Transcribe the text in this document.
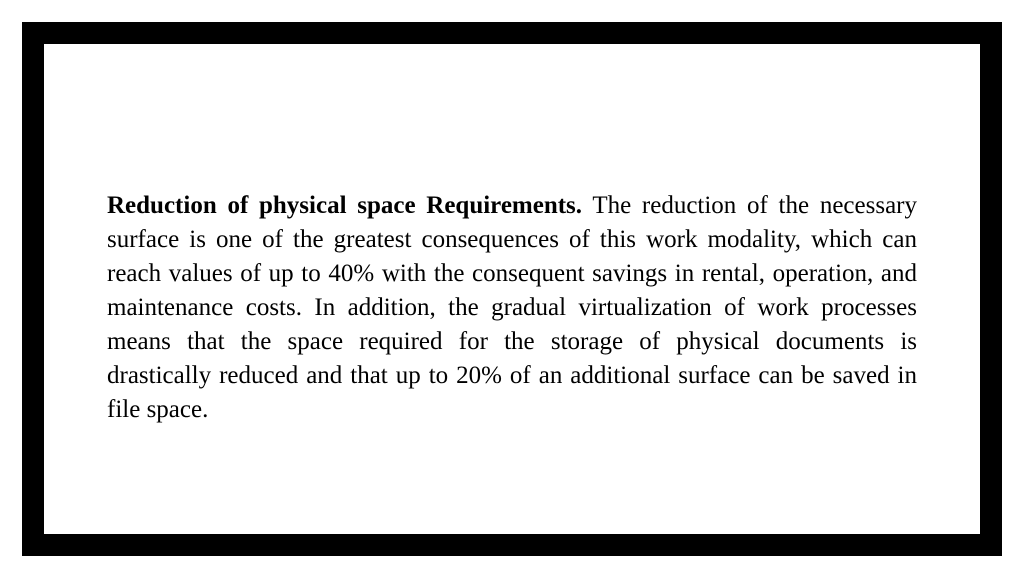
Reduction of physical space Requirements. The reduction of the necessary surface is one of the greatest consequences of this work modality, which can reach values of up to 40% with the consequent savings in rental, operation, and maintenance costs. In addition, the gradual virtualization of work processes means that the space required for the storage of physical documents is drastically reduced and that up to 20% of an additional surface can be saved in file space.
